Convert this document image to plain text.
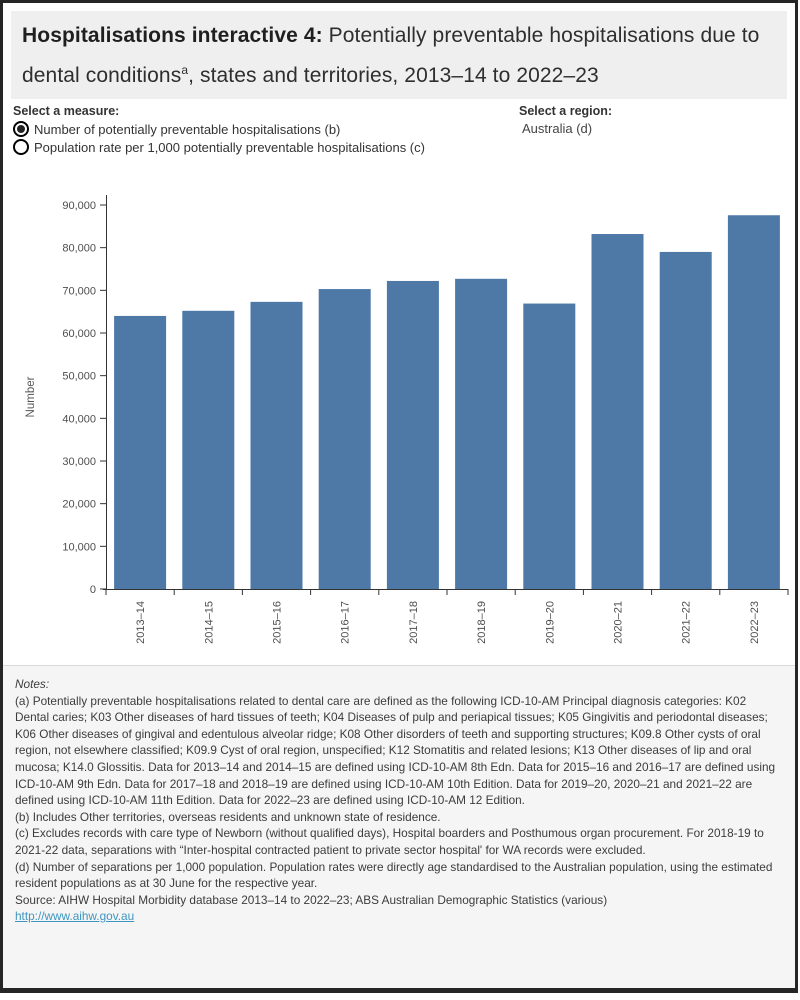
Hospitalisations interactive 4: Potentially preventable hospitalisations due to dental conditions$^a$, states and territories, 2013–14 to 2022–23
Select a measure:
Number of potentially preventable hospitalisations (b)
Population rate per 1,000 potentially preventable hospitalisations (c)
Select a region:
Australia (d)
0
10,000
20,000
30,000
40,000
50,000
60,000
70,000
80,000
90,000
2013–14	2014–15	2015–16	2016–17	2017–18	2018–19	2019–20	2020–21	2021–22	2022–23
Number
Notes:
(a) Potentially preventable hospitalisations related to dental care are defined as the following ICD-10-AM Principal diagnosis categories: K02 Dental caries; K03 Other diseases of hard tissues of teeth; K04 Diseases of pulp and periapical tissues; K05 Gingivitis and periodontal diseases; K06 Other diseases of gingival and edentulous alveolar ridge; K08 Other disorders of teeth and supporting structures; K09.8 Other cysts of oral region, not elsewhere classified; K09.9 Cyst of oral region, unspecified; K12 Stomatitis and related lesions; K13 Other diseases of lip and oral mucosa; K14.0 Glossitis. Data for 2013–14 and 2014–15 are defined using ICD-10-AM 8th Edn. Data for 2015–16 and 2016–17 are defined using ICD-10-AM 9th Edn. Data for 2017–18 and 2018–19 are defined using ICD-10-AM 10th Edition. Data for 2019–20, 2020–21 and 2021–22 are defined using ICD-10-AM 11th Edition. Data for 2022–23 are defined using ICD-10-AM 12 Edition.
(b) Includes Other territories, overseas residents and unknown state of residence.
(c) Excludes records with care type of Newborn (without qualified days), Hospital boarders and Posthumous organ procurement. For 2018-19 to 2021-22 data, separations with “Inter-hospital contracted patient to private sector hospital' for WA records were excluded.
(d) Number of separations per 1,000 population. Population rates were directly age standardised to the Australian population, using the estimated resident populations as at 30 June for the respective year.
Source: AIHW Hospital Morbidity database 2013–14 to 2022–23; ABS Australian Demographic Statistics (various)
http://www.aihw.gov.au
